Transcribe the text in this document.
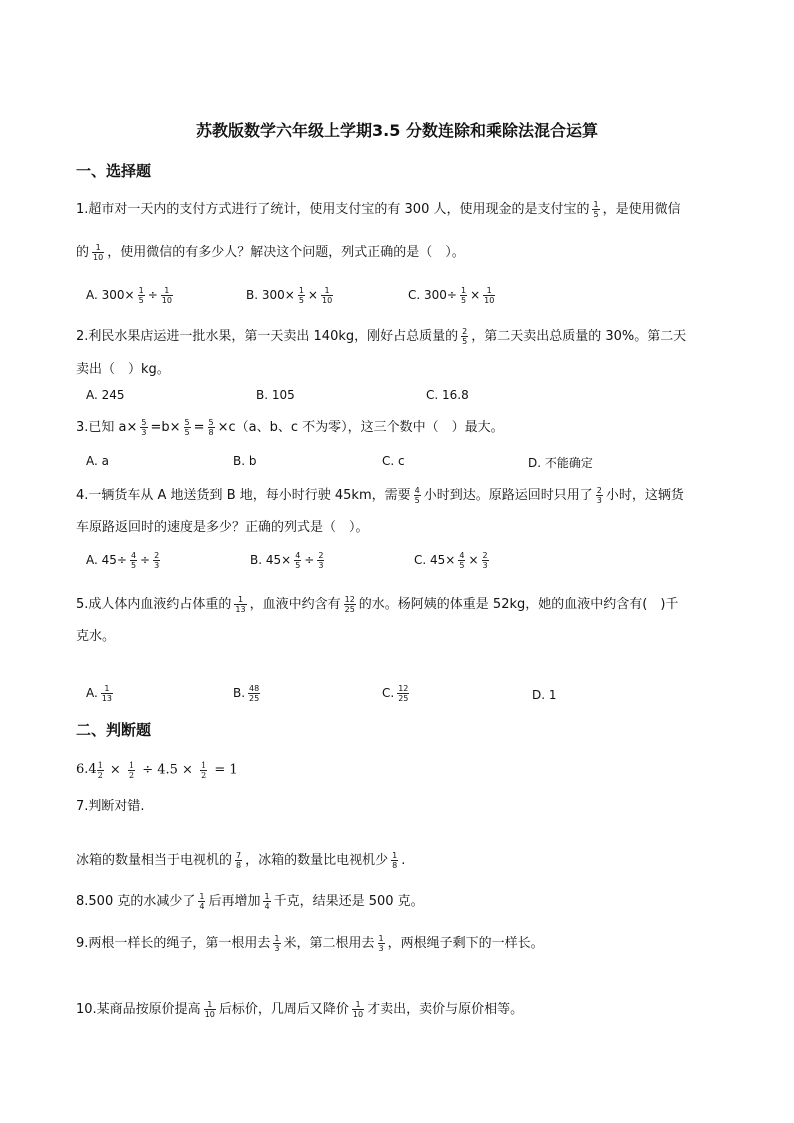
苏教版数学六年级上学期3.5 分数连除和乘除法混合运算
一、选择题
1.超市对一天内的支付方式进行了统计，使用支付宝的有 300 人，使用现金的是支付宝的 $\frac{1}{5}$ ，是使用微信
的 $\frac{1}{10}$ ，使用微信的有多少人？解决这个问题，列式正确的是（　）。
A. $300\times \frac{1}{5} \div \frac{1}{10}$	B. $300\times \frac{1}{5} \times \frac{1}{10}$	C. $300\div \frac{1}{5} \times \frac{1}{10}$
2.利民水果店运进一批水果，第一天卖出 140kg，刚好占总质量的 $\frac{2}{5}$ ，第二天卖出总质量的 30%。第二天
卖出（　）kg。
A. 245	B. 105	C. 16.8
3.已知 $a\times \frac{5}{3} =b\times \frac{5}{5} = \frac{5}{8} \times c(a$、b、c 不为零），这三个数中（　）最大。
A. a	B. b	C. c	D. 不能确定
4.一辆货车从 A 地送货到 B 地，每小时行驶 45km，需要 $\frac{4}{5}$ 小时到达。原路运回时只用了 $\frac{2}{3}$ 小时，这辆货
车原路返回时的速度是多少？正确的列式是（　）。
A. $45\div \frac{4}{5} \div \frac{2}{3}$	B. $45\times \frac{4}{5} \div \frac{2}{3}$	C. $45\times \frac{4}{5} \times \frac{2}{3}$
5.成人体内血液约占体重的 $\frac{1}{13}$ ，血液中约含有 $\frac{12}{25}$ 的水。杨阿姨的体重是 52kg，她的血液中约含有(　)千
克水。
A. $\frac{1}{13}$	B. $\frac{48}{25}$	C. $\frac{12}{25}$	D. 1
二、判断题
6.4 1
$2 \times \frac{1}{2} \div 4.5 \times \frac{1}{2} = 1$
7.判断对错.
冰箱的数量相当于电视机的 $\frac{7}{8}$ ，冰箱的数量比电视机少 $\frac{1}{8}$ .
8.500 克的水减少了 $\frac{1}{4}$ 后再增加 $\frac{1}{4}$ 千克，结果还是 500 克。
9.两根一样长的绳子，第一根用去 $\frac{1}{3}$ 米，第二根用去 $\frac{1}{3}$ ，两根绳子剩下的一样长。
10.某商品按原价提高 $\frac{1}{10}$ 后标价，几周后又降价 $\frac{1}{10}$ 才卖出，卖价与原价相等。
